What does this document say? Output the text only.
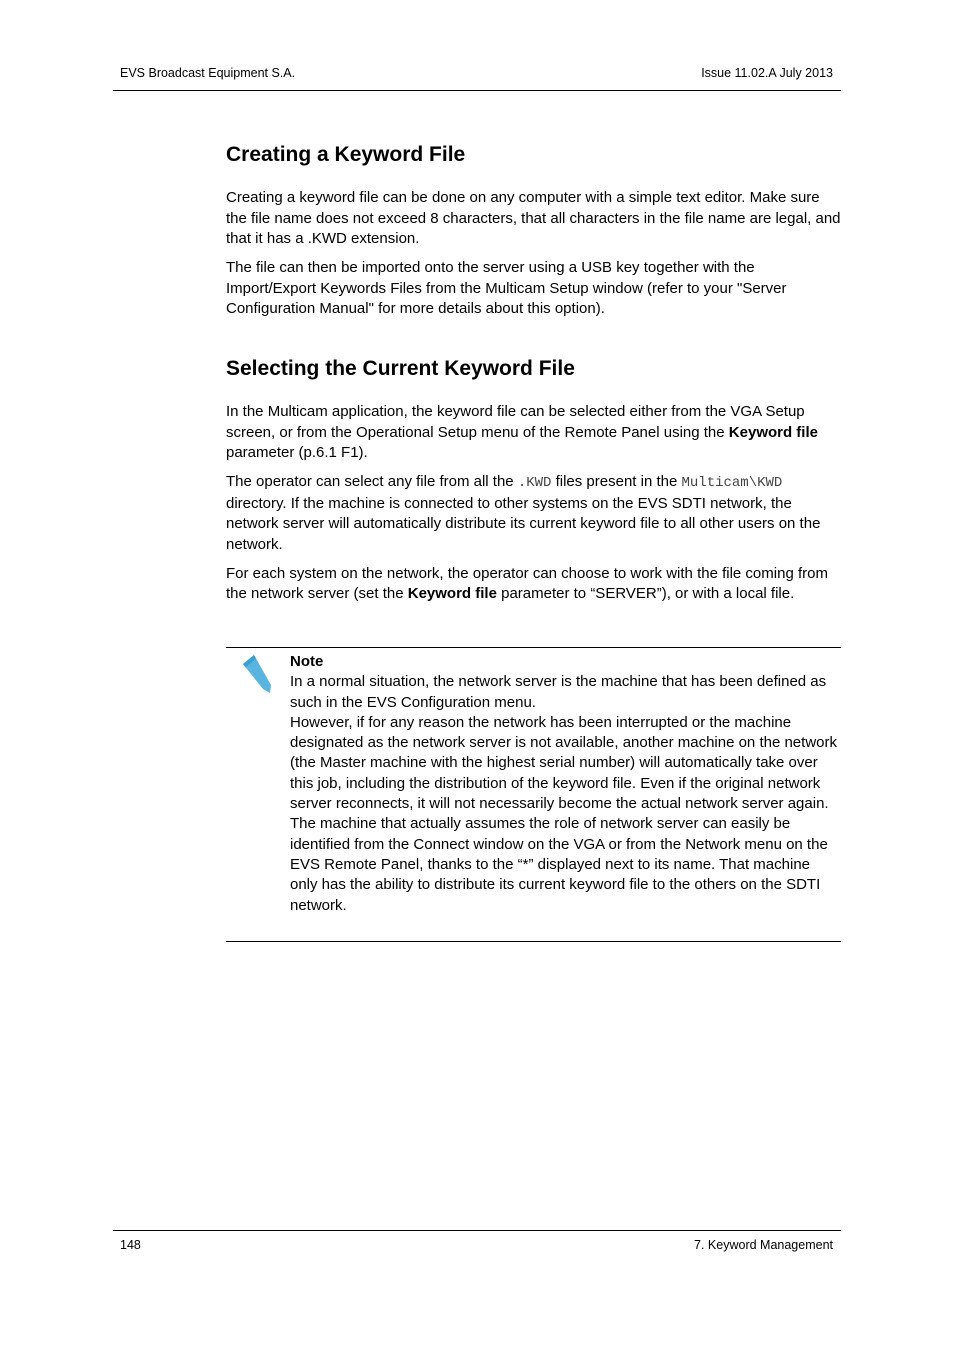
EVS Broadcast Equipment S.A.	Issue 11.02.A July 2013
Creating a Keyword File

Creating a keyword file can be done on any computer with a simple text editor. Make sure the file name does not exceed 8 characters, that all characters in the file name are legal, and that it has a .KWD extension.

The file can then be imported onto the server using a USB key together with the Import/Export Keywords Files from the Multicam Setup window (refer to your "Server Configuration Manual" for more details about this option).

Selecting the Current Keyword File

In the Multicam application, the keyword file can be selected either from the VGA Setup screen, or from the Operational Setup menu of the Remote Panel using the Keyword file parameter (p.6.1 F1).

The operator can select any file from all the .KWD files present in the Multicam\KWD directory. If the machine is connected to other systems on the EVS SDTI network, the network server will automatically distribute its current keyword file to all other users on the network.

For each system on the network, the operator can choose to work with the file coming from the network server (set the Keyword file parameter to “SERVER”), or with a local file.

Note
In a normal situation, the network server is the machine that has been defined as such in the EVS Configuration menu.
However, if for any reason the network has been interrupted or the machine designated as the network server is not available, another machine on the network (the Master machine with the highest serial number) will automatically take over this job, including the distribution of the keyword file. Even if the original network server reconnects, it will not necessarily become the actual network server again.
The machine that actually assumes the role of network server can easily be identified from the Connect window on the VGA or from the Network menu on the EVS Remote Panel, thanks to the “*” displayed next to its name. That machine only has the ability to distribute its current keyword file to the others on the SDTI network.
148	7. Keyword Management
